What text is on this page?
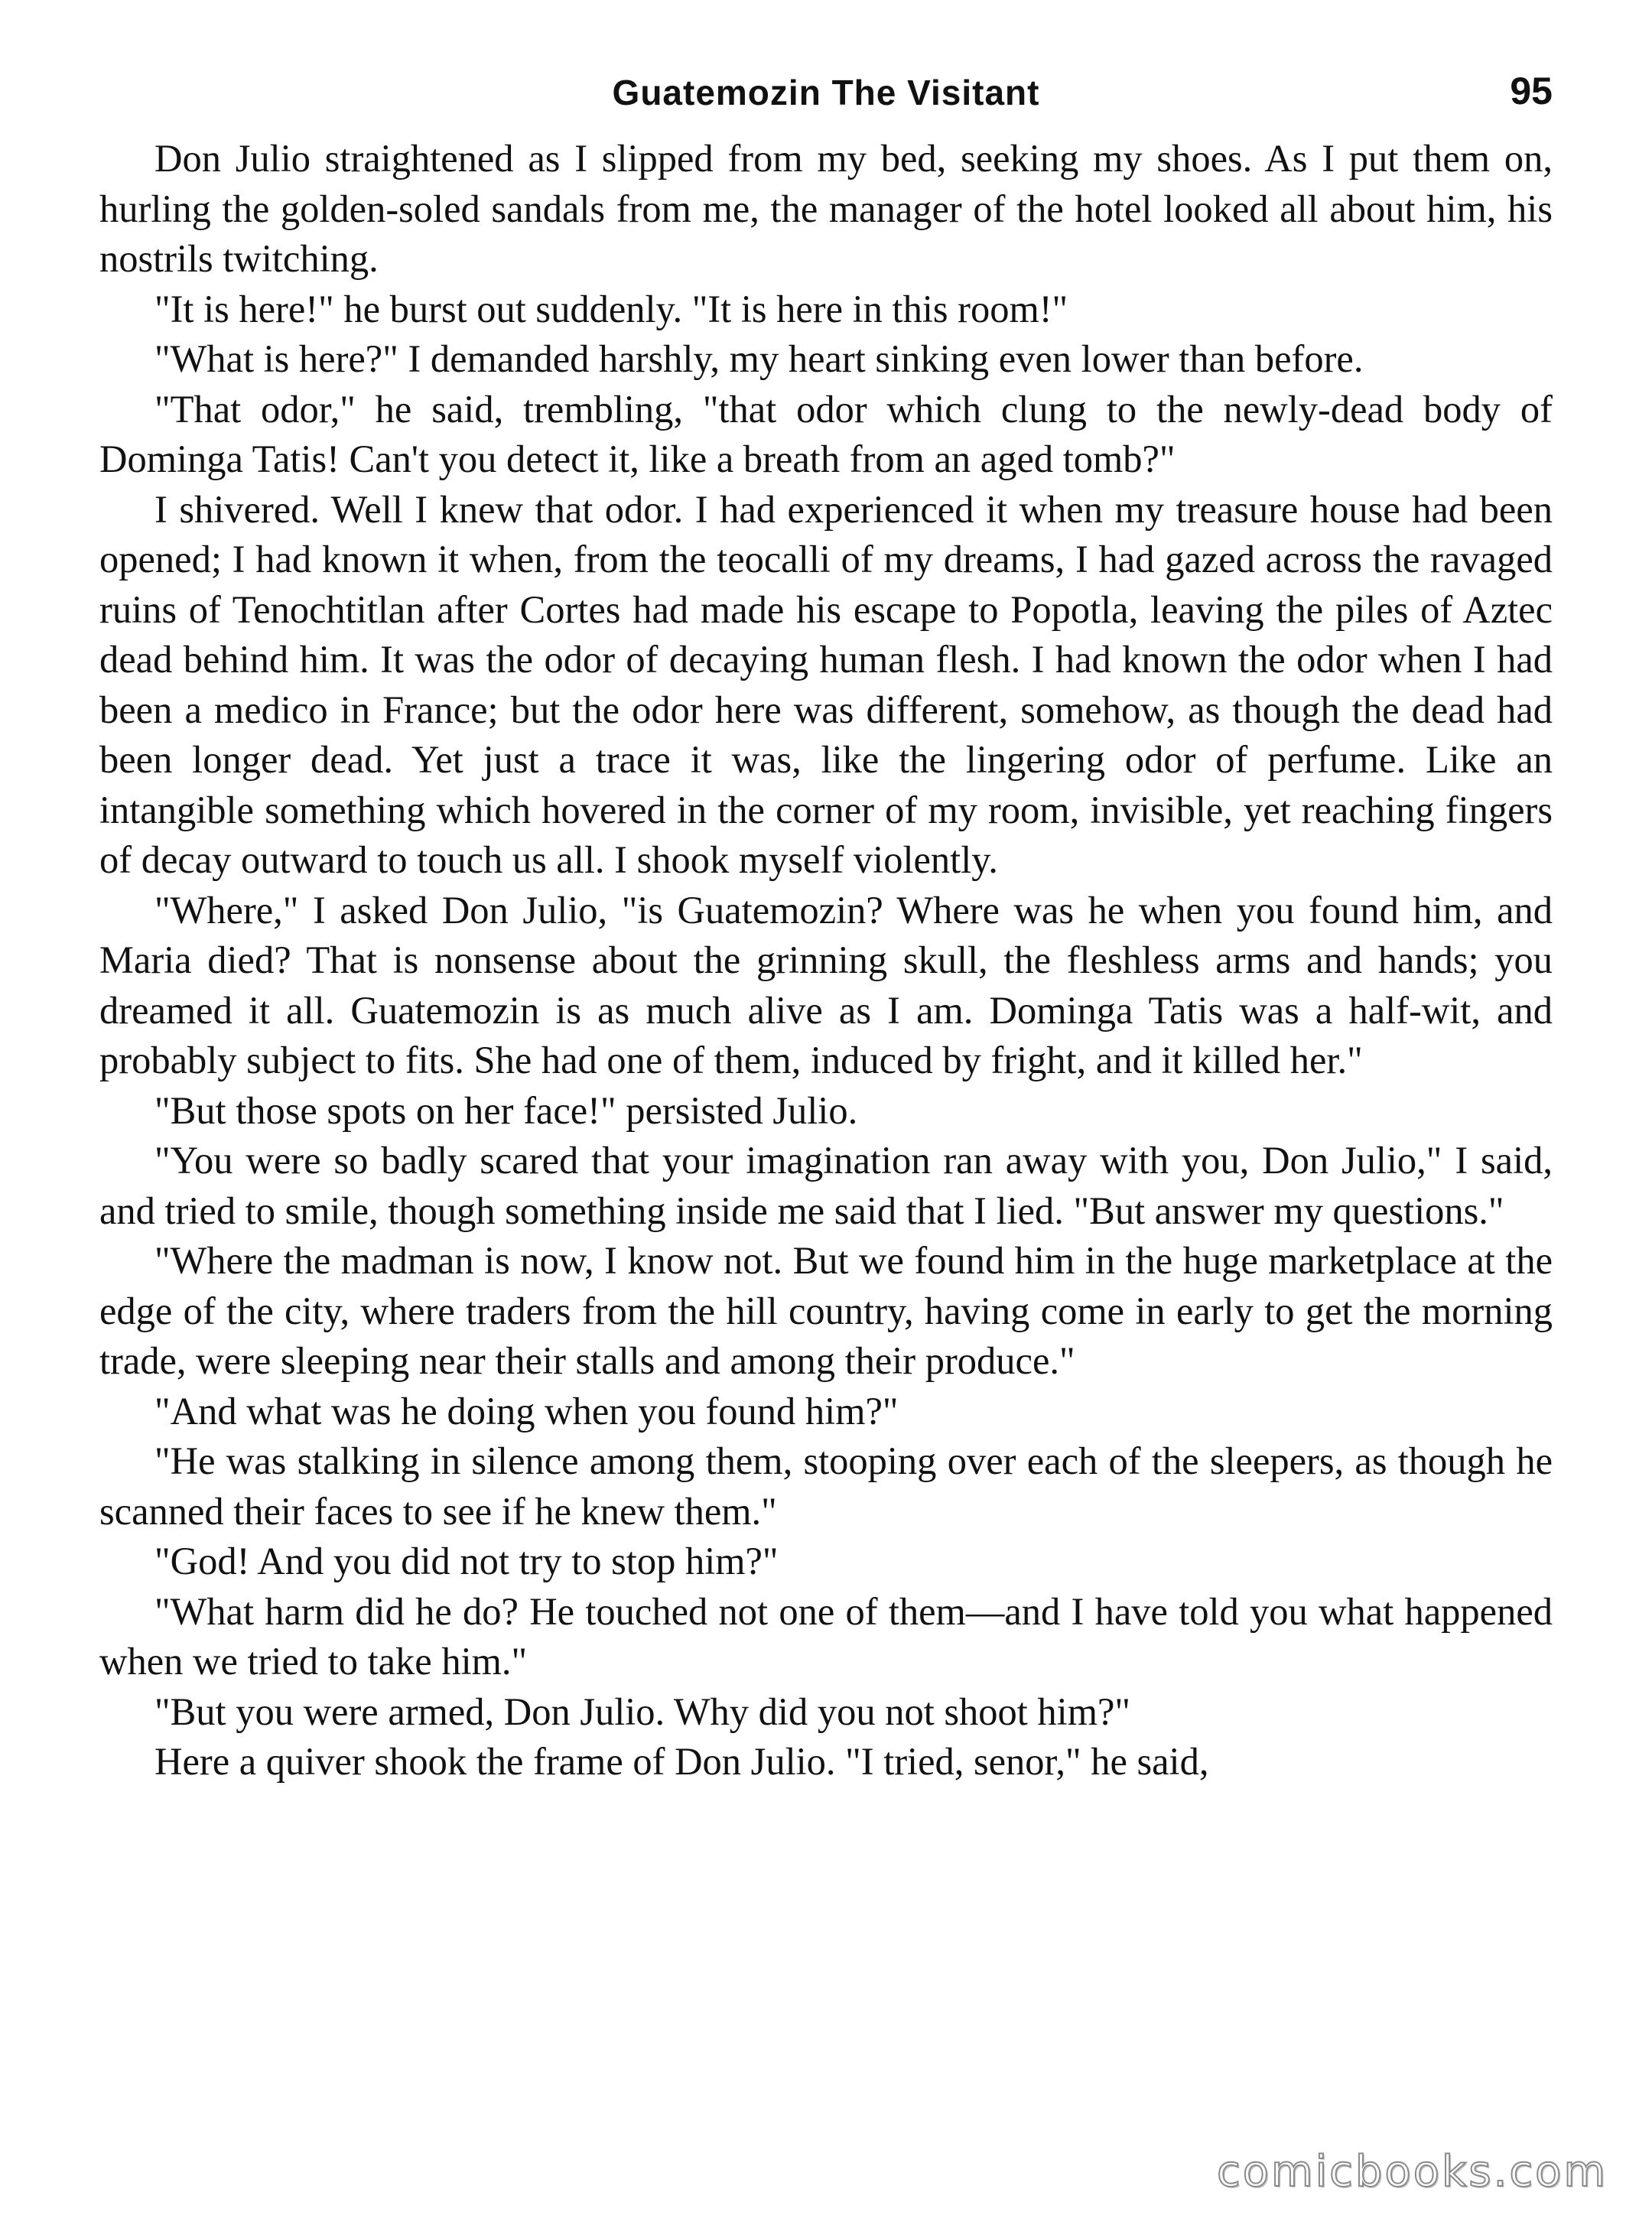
Guatemozin The Visitant	95

Don Julio straightened as I slipped from my bed, seeking my shoes. As I put them on, hurling the golden-soled sandals from me, the manager of the hotel looked all about him, his nostrils twitching.

"It is here!" he burst out suddenly. "It is here in this room!"

"What is here?" I demanded harshly, my heart sinking even lower than before.

"That odor," he said, trembling, "that odor which clung to the newly-dead body of Dominga Tatis! Can't you detect it, like a breath from an aged tomb?"

I shivered. Well I knew that odor. I had experienced it when my treasure house had been opened; I had known it when, from the teocalli of my dreams, I had gazed across the ravaged ruins of Tenochtitlan after Cortes had made his escape to Popotla, leaving the piles of Aztec dead behind him. It was the odor of decaying human flesh. I had known the odor when I had been a medico in France; but the odor here was different, somehow, as though the dead had been longer dead. Yet just a trace it was, like the lingering odor of perfume. Like an intangible something which hovered in the corner of my room, invisible, yet reaching fingers of decay outward to touch us all. I shook myself violently.

"Where," I asked Don Julio, "is Guatemozin? Where was he when you found him, and Maria died? That is nonsense about the grinning skull, the fleshless arms and hands; you dreamed it all. Guatemozin is as much alive as I am. Dominga Tatis was a half-wit, and probably subject to fits. She had one of them, induced by fright, and it killed her."

"But those spots on her face!" persisted Julio.

"You were so badly scared that your imagination ran away with you, Don Julio," I said, and tried to smile, though something inside me said that I lied. "But answer my questions."

"Where the madman is now, I know not. But we found him in the huge marketplace at the edge of the city, where traders from the hill country, having come in early to get the morning trade, were sleeping near their stalls and among their produce."

"And what was he doing when you found him?"

"He was stalking in silence among them, stooping over each of the sleepers, as though he scanned their faces to see if he knew them."

"God! And you did not try to stop him?"

"What harm did he do? He touched not one of them—and I have told you what happened when we tried to take him."

"But you were armed, Don Julio. Why did you not shoot him?"

Here a quiver shook the frame of Don Julio. "I tried, senor," he said,

comicbooks.com
